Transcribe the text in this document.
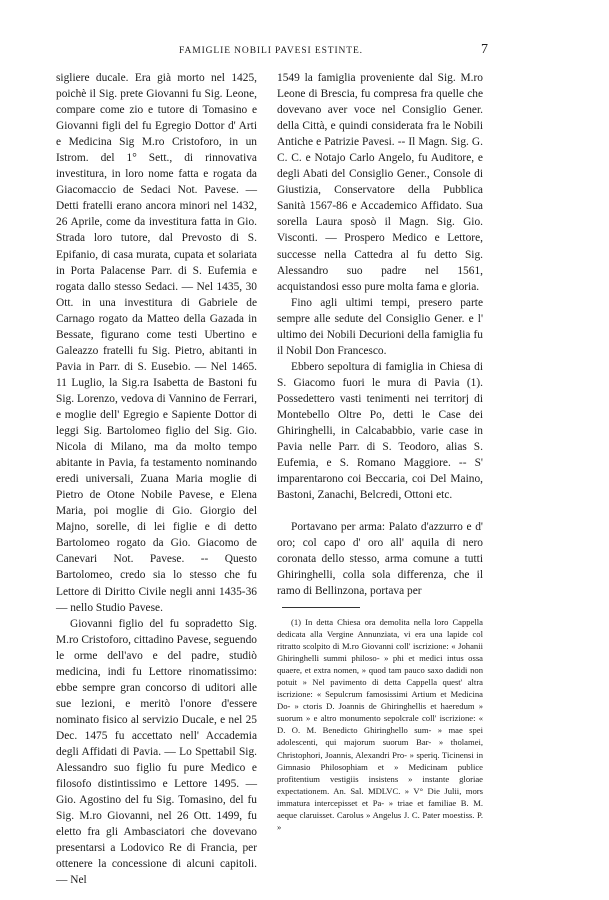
FAMIGLIE NOBILI PAVESI ESTINTE.	7

sigliere ducale. Era già morto nel 1425, poichè il Sig. prete Giovanni fu Sig. Leone, compare come zio e tutore di Tomasino e Giovanni figli del fu Egregio Dottor d' Arti e Medicina Sig M.ro Cristoforo, in un Istrom. del 1° Sett., di rinnovativa investitura, in loro nome fatta e rogata da Giacomaccio de Sedaci Not. Pavese. — Detti fratelli erano ancora minori nel 1432, 26 Aprile, come da investitura fatta in Gio. Strada loro tutore, dal Prevosto di S. Epifanio, di casa murata, cupata et solariata in Porta Palacense Parr. di S. Eufemia e rogata dallo stesso Sedaci. — Nel 1435, 30 Ott. in una investitura di Gabriele de Carnago rogato da Matteo della Gazada in Bessate, figurano come testi Ubertino e Galeazzo fratelli fu Sig. Pietro, abitanti in Pavia in Parr. di S. Eusebio. — Nel 1465. 11 Luglio, la Sig.ra Isabetta de Bastoni fu Sig. Lorenzo, vedova di Vannino de Ferrari, e moglie dell' Egregio e Sapiente Dottor di leggi Sig. Bartolomeo figlio del Sig. Gio. Nicola di Milano, ma da molto tempo abitante in Pavia, fa testamento nominando eredi universali, Zuana Maria moglie di Pietro de Otone Nobile Pavese, e Elena Maria, poi moglie di Gio. Giorgio del Majno, sorelle, di lei figlie e di detto Bartolomeo rogato da Gio. Giacomo de Canevari Not. Pavese. -- Questo Bartolomeo, credo sia lo stesso che fu Lettore di Diritto Civile negli anni 1435-36 — nello Studio Pavese.

Giovanni figlio del fu sopradetto Sig. M.ro Cristoforo, cittadino Pavese, seguendo le orme dell'avo e del padre, studiò medicina, indi fu Lettore rinomatissimo: ebbe sempre gran concorso di uditori alle sue lezioni, e meritò l'onore d'essere nominato fisico al servizio Ducale, e nel 25 Dec. 1475 fu accettato nell' Accademia degli Affidati di Pavia. — Lo Spettabil Sig. Alessandro suo figlio fu pure Medico e filosofo distintissimo e Lettore 1495. — Gio. Agostino del fu Sig. Tomasino, del fu Sig. M.ro Giovanni, nel 26 Ott. 1499, fu eletto fra gli Ambasciatori che dovevano presentarsi a Lodovico Re di Francia, per ottenere la concessione di alcuni capitoli. — Nel

1549 la famiglia proveniente dal Sig. M.ro Leone di Brescia, fu compresa fra quelle che dovevano aver voce nel Consiglio Gener. della Città, e quindi considerata fra le Nobili Antiche e Patrizie Pavesi. -- Il Magn. Sig. G. C. C. e Notajo Carlo Angelo, fu Auditore, e degli Abati del Consiglio Gener., Console di Giustizia, Conservatore della Pubblica Sanità 1567-86 e Accademico Affidato. Sua sorella Laura sposò il Magn. Sig. Gio. Visconti. — Prospero Medico e Lettore, successe nella Cattedra al fu detto Sig. Alessandro suo padre nel 1561, acquistandosi esso pure molta fama e gloria.

Fino agli ultimi tempi, presero parte sempre alle sedute del Consiglio Gener. e l' ultimo dei Nobili Decurioni della famiglia fu il Nobil Don Francesco.

Ebbero sepoltura di famiglia in Chiesa di S. Giacomo fuori le mura di Pavia (1). Possedettero vasti tenimenti nei territorj di Montebello Oltre Po, detti le Case dei Ghiringhelli, in Calcababbio, varie case in Pavia nelle Parr. di S. Teodoro, alias S. Eufemia, e S. Romano Maggiore. -- S' imparentarono coi Beccaria, coi Del Maino, Bastoni, Zanachi, Belcredi, Ottoni etc.

Portavano per arma: Palato d'azzurro e d' oro; col capo d' oro all' aquila di nero coronata dello stesso, arma comune a tutti Ghiringhelli, colla sola differenza, che il ramo di Bellinzona, portava per

(1) In detta Chiesa ora demolita nella loro Cappella dedicata alla Vergine Annunziata, vi era una lapide col ritratto scolpito di M.ro Giovanni coll' iscrizione: « Johanii Ghiringhelli summi philoso- » phi et medici intus ossa quaere, et extra nomen, » quod tam pauco saxo dadidi non potuit » Nel pavimento di detta Cappella quest' altra iscrizione: « Sepulcrum famosissimi Artium et Medicina Do- » ctoris D. Joannis de Ghiringhellis et haeredum » suorum » e altro monumento sepolcrale coll' iscrizione: « D. O. M. Benedicto Ghiringhello sum- » mae spei adolescenti, qui majorum suorum Bar- » tholamei, Christophori, Joannis, Alexandri Pro- » speriq. Ticinensi in Gimnasio Philosophiam et » Medicinam publice profitentium vestigiis insistens » instante gloriae expectationem. An. Sal. MDLVC. » V° Die Julii, mors immatura intercepisset et Pa- » triae et familiae B. M. aeque claruisset. Carolus » Angelus J. C. Pater moestiss. P. »
